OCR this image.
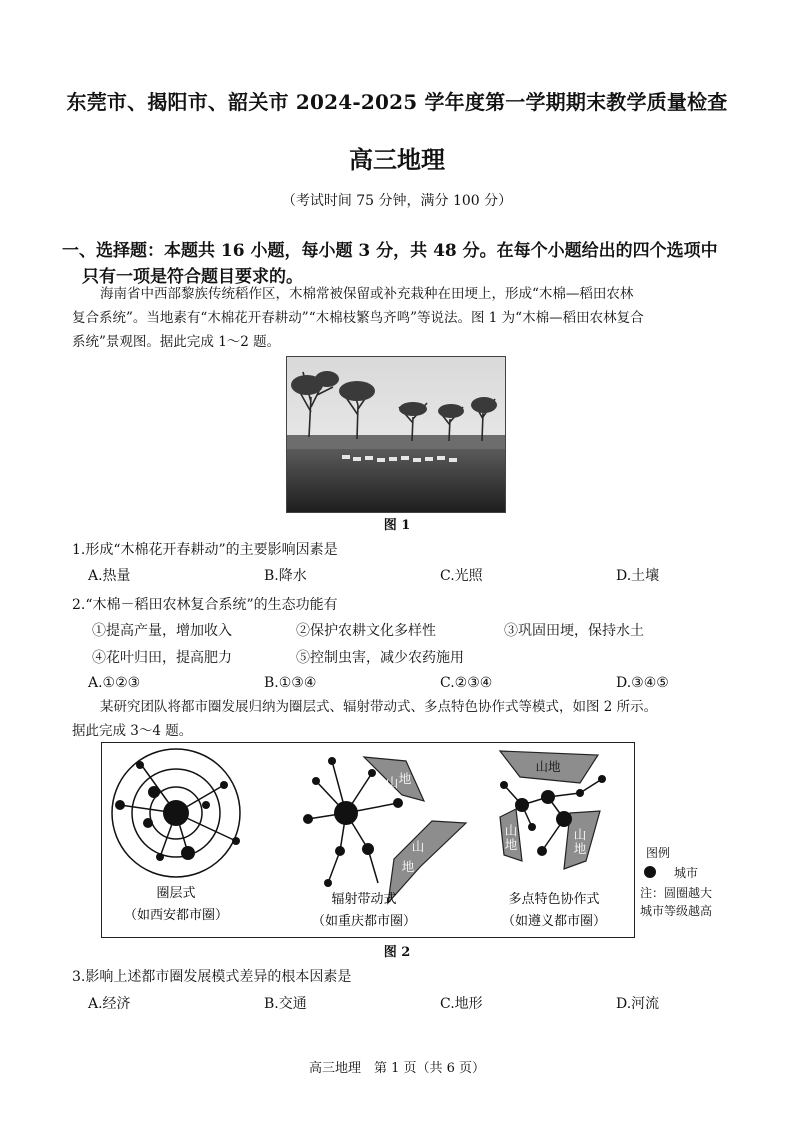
东莞市、揭阳市、韶关市 2024-2025 学年度第一学期期末教学质量检查
高三地理
（考试时间 75 分钟，满分 100 分）
一、选择题：本题共 16 小题，每小题 3 分，共 48 分。在每个小题给出的四个选项中
只有一项是符合题目要求的。
海南省中西部黎族传统稻作区，木棉常被保留或补充栽种在田埂上，形成“木棉—稻田农林
复合系统”。当地素有“木棉花开春耕动”“木棉枝繁鸟齐鸣”等说法。图 1 为“木棉—稻田农林复合
系统”景观图。据此完成 1～2 题。
图 1
1.形成“木棉花开春耕动”的主要影响因素是
A.热量	B.降水	C.光照	D.土壤
2.“木棉－稻田农林复合系统”的生态功能有
①提高产量，增加收入	②保护农耕文化多样性	③巩固田埂，保持水土
④花叶归田，提高肥力	⑤控制虫害，减少农药施用
A.①②③	B.①③④	C.②③④	D.③④⑤
某研究团队将都市圈发展归纳为圈层式、辐射带动式、多点特色协作式等模式，如图 2 所示。
据此完成 3～4 题。
圈层式
（如西安都市圈）
山 地
山
地
辐射带动式
（如重庆都市圈）
山地
山
地
山
地
多点特色协作式
（如遵义都市圈）
图例
城市
注：圆圈越大
城市等级越高
图 2
3.影响上述都市圈发展模式差异的根本因素是
A.经济	B.交通	C.地形	D.河流
高三地理　第 1 页（共 6 页）
